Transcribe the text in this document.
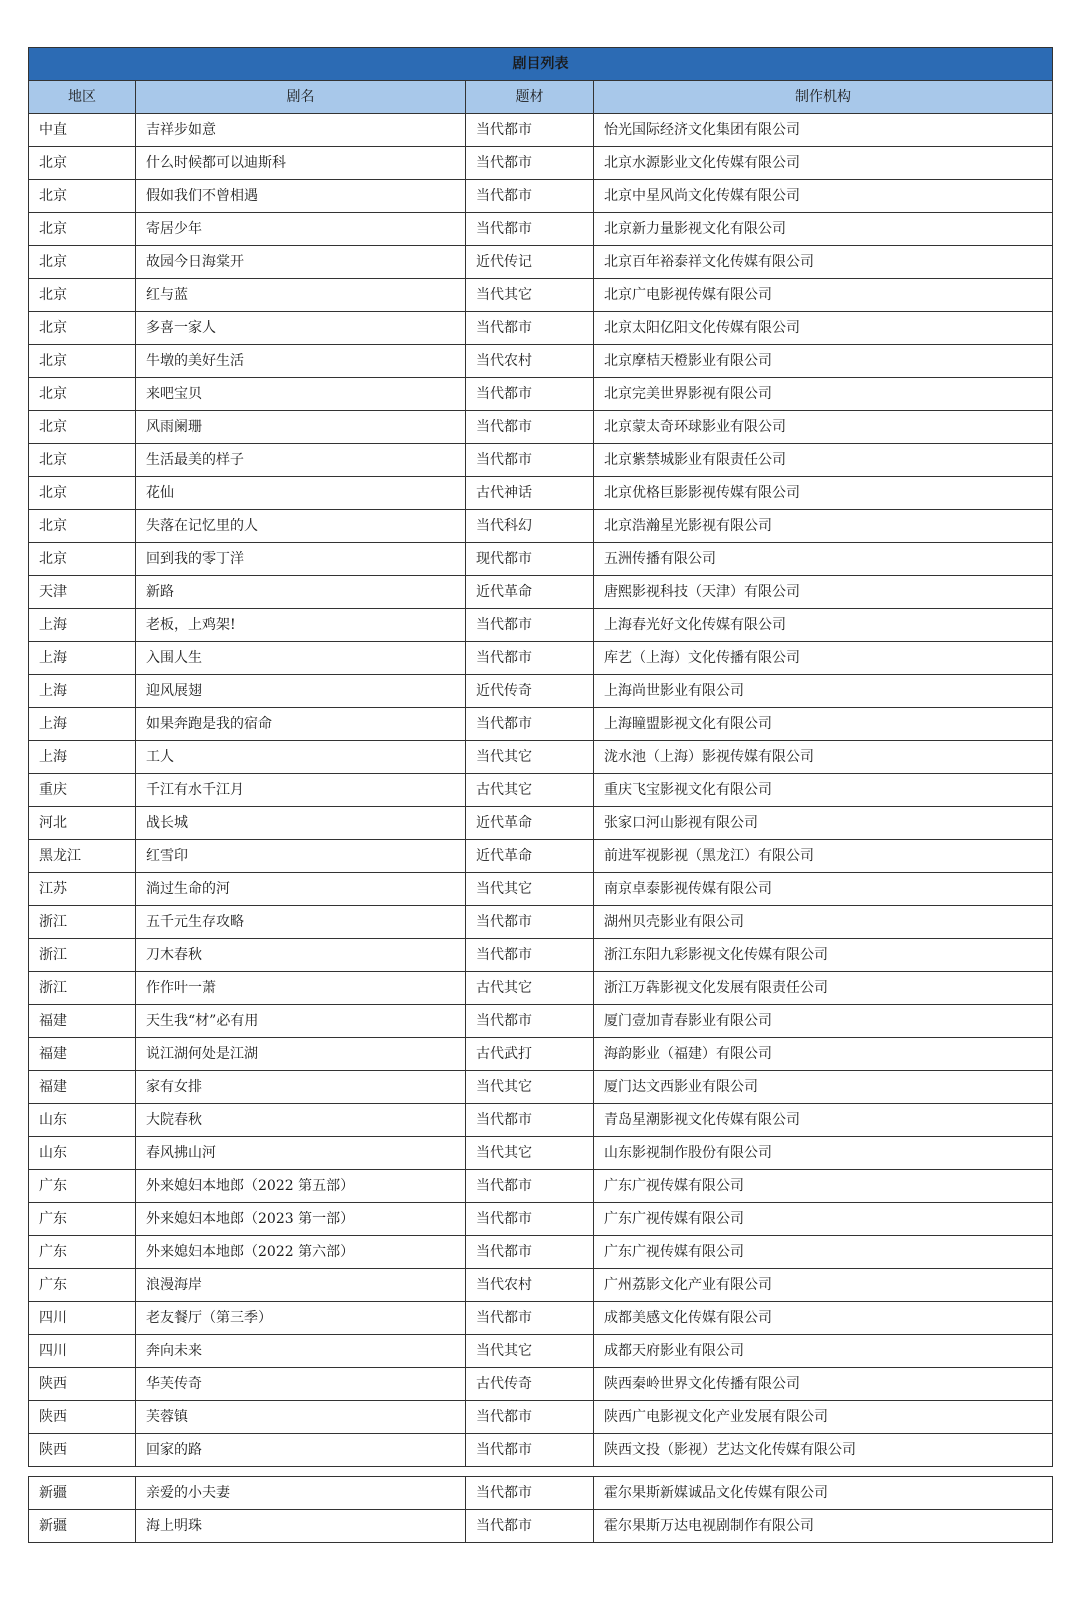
剧目列表			
地区	剧名	题材	制作机构
中直	吉祥步如意	当代都市	怡光国际经济文化集团有限公司
北京	什么时候都可以迪斯科	当代都市	北京水源影业文化传媒有限公司
北京	假如我们不曾相遇	当代都市	北京中星风尚文化传媒有限公司
北京	寄居少年	当代都市	北京新力量影视文化有限公司
北京	故园今日海棠开	近代传记	北京百年裕泰祥文化传媒有限公司
北京	红与蓝	当代其它	北京广电影视传媒有限公司
北京	多喜一家人	当代都市	北京太阳亿阳文化传媒有限公司
北京	牛墩的美好生活	当代农村	北京摩桔天橙影业有限公司
北京	来吧宝贝	当代都市	北京完美世界影视有限公司
北京	风雨阑珊	当代都市	北京蒙太奇环球影业有限公司
北京	生活最美的样子	当代都市	北京紫禁城影业有限责任公司
北京	花仙	古代神话	北京优格巨影影视传媒有限公司
北京	失落在记忆里的人	当代科幻	北京浩瀚星光影视有限公司
北京	回到我的零丁洋	现代都市	五洲传播有限公司
天津	新路	近代革命	唐熙影视科技（天津）有限公司
上海	老板，上鸡架!	当代都市	上海春光好文化传媒有限公司
上海	入围人生	当代都市	库艺（上海）文化传播有限公司
上海	迎风展翅	近代传奇	上海尚世影业有限公司
上海	如果奔跑是我的宿命	当代都市	上海瞳盟影视文化有限公司
上海	工人	当代其它	泷水池（上海）影视传媒有限公司
重庆	千江有水千江月	古代其它	重庆飞宝影视文化有限公司
河北	战长城	近代革命	张家口河山影视有限公司
黑龙江	红雪印	近代革命	前进军视影视（黑龙江）有限公司
江苏	淌过生命的河	当代其它	南京卓泰影视传媒有限公司
浙江	五千元生存攻略	当代都市	湖州贝壳影业有限公司
浙江	刀木春秋	当代都市	浙江东阳九彩影视文化传媒有限公司
浙江	作作叶一萧	古代其它	浙江万犇影视文化发展有限责任公司
福建	天生我“材”必有用	当代都市	厦门壹加青春影业有限公司
福建	说江湖何处是江湖	古代武打	海韵影业（福建）有限公司
福建	家有女排	当代其它	厦门达文西影业有限公司
山东	大院春秋	当代都市	青岛星潮影视文化传媒有限公司
山东	春风拂山河	当代其它	山东影视制作股份有限公司
广东	外来媳妇本地郎（2022 第五部）	当代都市	广东广视传媒有限公司
广东	外来媳妇本地郎（2023 第一部）	当代都市	广东广视传媒有限公司
广东	外来媳妇本地郎（2022 第六部）	当代都市	广东广视传媒有限公司
广东	浪漫海岸	当代农村	广州荔影文化产业有限公司
四川	老友餐厅（第三季）	当代都市	成都美感文化传媒有限公司
四川	奔向未来	当代其它	成都天府影业有限公司
陕西	华芙传奇	古代传奇	陕西秦岭世界文化传播有限公司
陕西	芙蓉镇	当代都市	陕西广电影视文化产业发展有限公司
陕西	回家的路	当代都市	陕西文投（影视）艺达文化传媒有限公司
新疆	亲爱的小夫妻	当代都市	霍尔果斯新媒诚品文化传媒有限公司
新疆	海上明珠	当代都市	霍尔果斯万达电视剧制作有限公司
